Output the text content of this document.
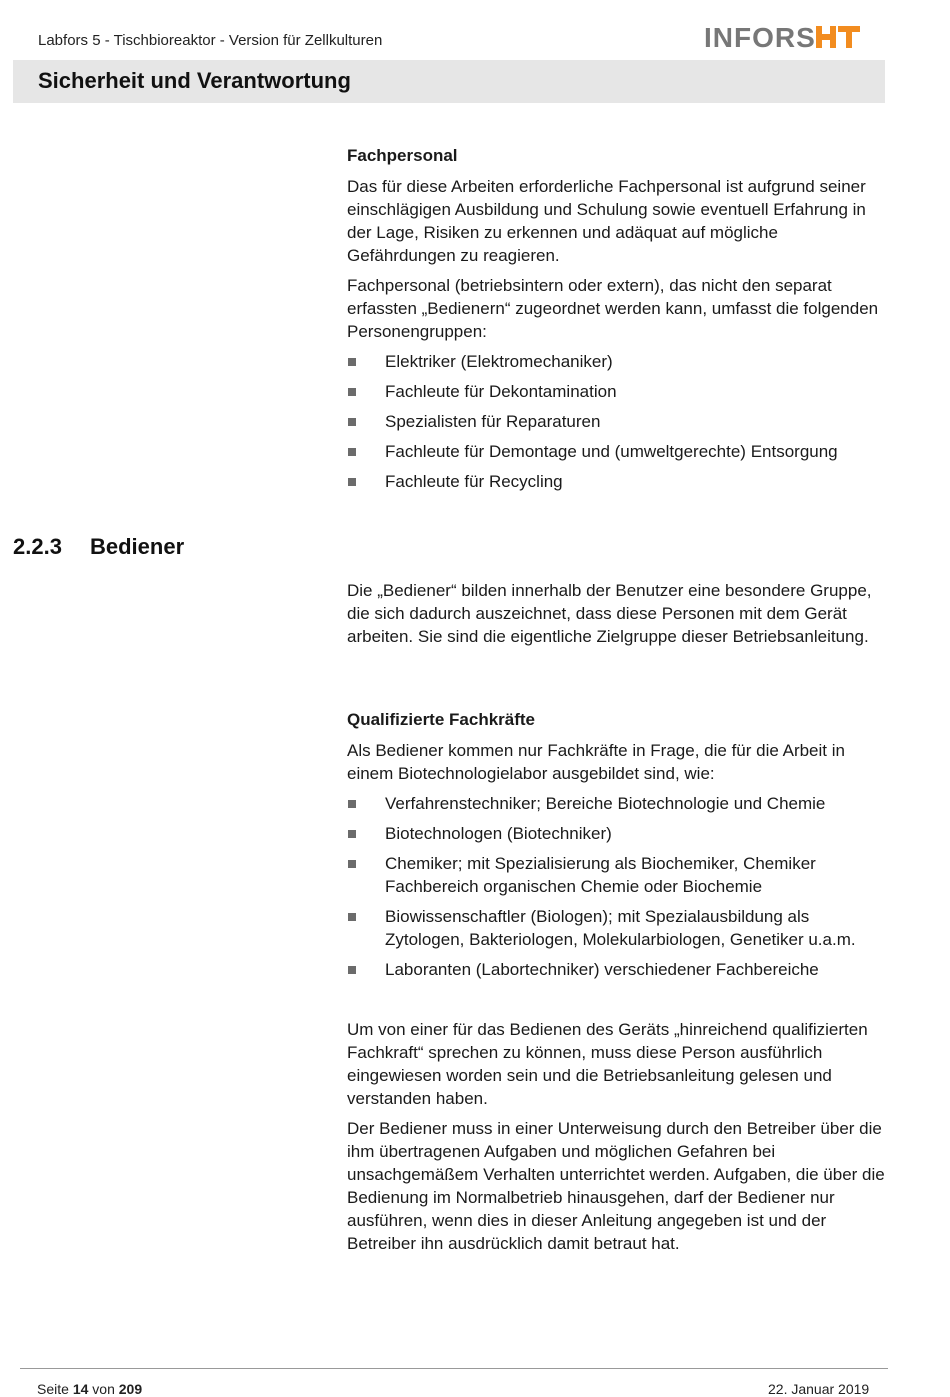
Labfors 5 - Tischbioreaktor - Version für Zellkulturen	INFORS
Sicherheit und Verantwortung
Fachpersonal

Das für diese Arbeiten erforderliche Fachpersonal ist aufgrund seiner einschlägigen Ausbildung und Schulung sowie eventuell Erfahrung in der Lage, Risiken zu erkennen und adäquat auf mögliche Gefährdungen zu reagieren.

Fachpersonal (betriebsintern oder extern), das nicht den separat erfassten „Bedienern“ zugeordnet werden kann, umfasst die folgenden Personengruppen:

Elektriker (Elektromechaniker)
Fachleute für Dekontamination
Spezialisten für Reparaturen
Fachleute für Demontage und (umweltgerechte) Entsorgung
Fachleute für Recycling
2.2.3 Bediener

Die „Bediener“ bilden innerhalb der Benutzer eine besondere Gruppe, die sich dadurch auszeichnet, dass diese Personen mit dem Gerät arbeiten. Sie sind die eigentliche Zielgruppe dieser Betriebsanleitung.

Qualifizierte Fachkräfte

Als Bediener kommen nur Fachkräfte in Frage, die für die Arbeit in einem Biotechnologielabor ausgebildet sind, wie:

Verfahrenstechniker; Bereiche Biotechnologie und Chemie
Biotechnologen (Biotechniker)
Chemiker; mit Spezialisierung als Biochemiker, Chemiker Fachbereich organischen Chemie oder Biochemie
Biowissenschaftler (Biologen); mit Spezialausbildung als Zytologen, Bakteriologen, Molekularbiologen, Genetiker u.a.m.
Laboranten (Labortechniker) verschiedener Fachbereiche

Um von einer für das Bedienen des Geräts „hinreichend qualifizierten Fachkraft“ sprechen zu können, muss diese Person ausführlich eingewiesen worden sein und die Betriebsanleitung gelesen und verstanden haben.

Der Bediener muss in einer Unterweisung durch den Betreiber über die ihm übertragenen Aufgaben und möglichen Gefahren bei unsachgemäßem Verhalten unterrichtet werden. Aufgaben, die über die Bedienung im Normalbetrieb hinausgehen, darf der Bediener nur ausführen, wenn dies in dieser Anleitung angegeben ist und der Betreiber ihn ausdrücklich damit betraut hat.

Seite 14 von 209	22. Januar 2019
